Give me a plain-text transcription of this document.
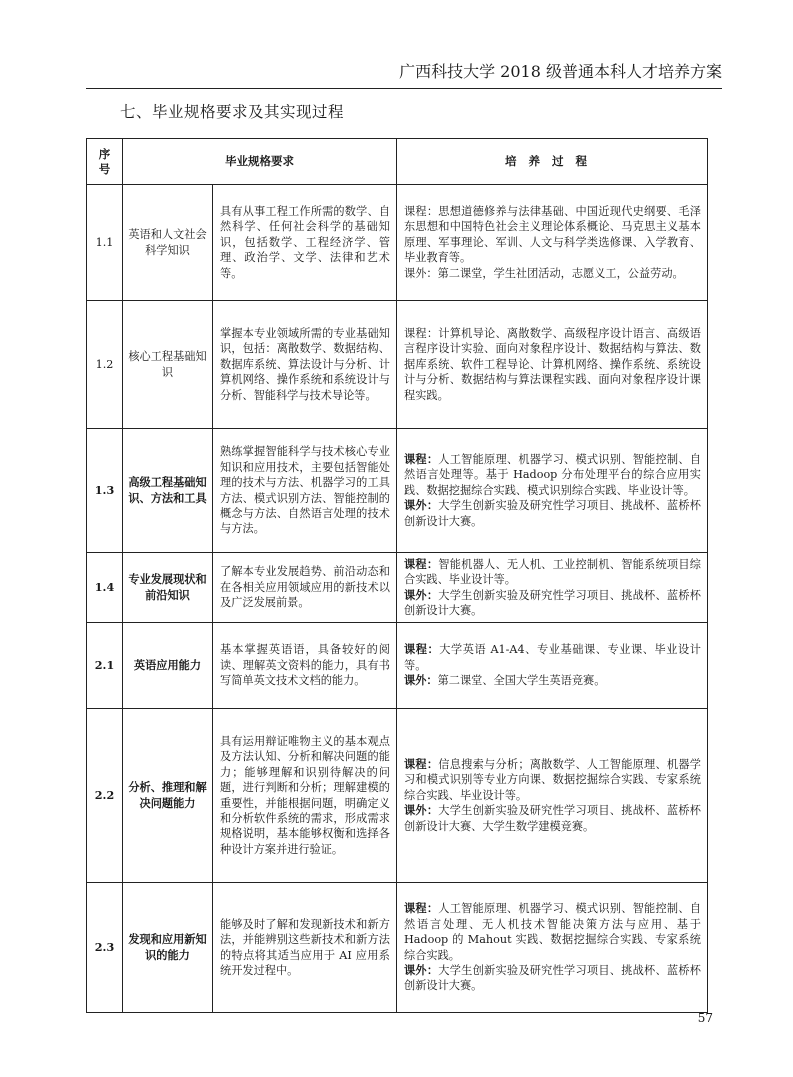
广西科技大学 2018 级普通本科人才培养方案
七、毕业规格要求及其实现过程
序
号	毕业规格要求		培养过程
1.1	英语和人文社会科学知识	具有从事工程工作所需的数学、自然科学、任何社会科学的基础知识，包括数学、工程经济学、管理、政治学、文学、法律和艺术等。	课程：思想道德修养与法律基础、中国近现代史纲要、毛泽东思想和中国特色社会主义理论体系概论、马克思主义基本原理、军事理论、军训、人文与科学类选修课、入学教育、毕业教育等。
课外：第二课堂，学生社团活动，志愿义工，公益劳动。

1.2	核心工程基础知识	掌握本专业领域所需的专业基础知识，包括：离散数学、数据结构、数据库系统、算法设计与分析、计算机网络、操作系统和系统设计与分析、智能科学与技术导论等。	课程：计算机导论、离散数学、高级程序设计语言、高级语言程序设计实验、面向对象程序设计、数据结构与算法、数据库系统、软件工程导论、计算机网络、操作系统、系统设计与分析、数据结构与算法课程实践、面向对象程序设计课程实践。

1.3	高级工程基础知识、方法和工具	熟练掌握智能科学与技术核心专业知识和应用技术，主要包括智能处理的技术与方法、机器学习的工具方法、模式识别方法、智能控制的概念与方法、自然语言处理的技术与方法。	课程：人工智能原理、机器学习、模式识别、智能控制、自然语言处理等。基于 Hadoop 分布处理平台的综合应用实践、数据挖掘综合实践、模式识别综合实践、毕业设计等。
课外：大学生创新实验及研究性学习项目、挑战杯、蓝桥杯创新设计大赛。

1.4	专业发展现状和前沿知识	了解本专业发展趋势、前沿动态和在各相关应用领域应用的新技术以及广泛发展前景。	课程：智能机器人、无人机、工业控制机、智能系统项目综合实践、毕业设计等。
课外：大学生创新实验及研究性学习项目、挑战杯、蓝桥杯创新设计大赛。

2.1	英语应用能力	基本掌握英语语，具备较好的阅读、理解英文资料的能力，具有书写简单英文技术文档的能力。	课程：大学英语 A1-A4、专业基础课、专业课、毕业设计等。
课外：第二课堂、全国大学生英语竞赛。

2.2	分析、推理和解决问题能力	具有运用辩证唯物主义的基本观点及方法认知、分析和解决问题的能力；能够理解和识别待解决的问题，进行判断和分析；理解建模的重要性，并能根据问题，明确定义和分析软件系统的需求，形成需求规格说明，基本能够权衡和选择各种设计方案并进行验证。	课程：信息搜索与分析；离散数学、人工智能原理、机器学习和模式识别等专业方向课、数据挖掘综合实践、专家系统综合实践、毕业设计等。
课外：大学生创新实验及研究性学习项目、挑战杯、蓝桥杯创新设计大赛、大学生数学建模竞赛。

2.3	发现和应用新知识的能力	能够及时了解和发现新技术和新方法，并能辨别这些新技术和新方法的特点将其适当应用于 AI 应用系统开发过程中。	课程：人工智能原理、机器学习、模式识别、智能控制、自然语言处理、无人机技术智能决策方法与应用、基于 Hadoop 的 Mahout 实践、数据挖掘综合实践、专家系统综合实践。
课外：大学生创新实验及研究性学习项目、挑战杯、蓝桥杯创新设计大赛。
57
